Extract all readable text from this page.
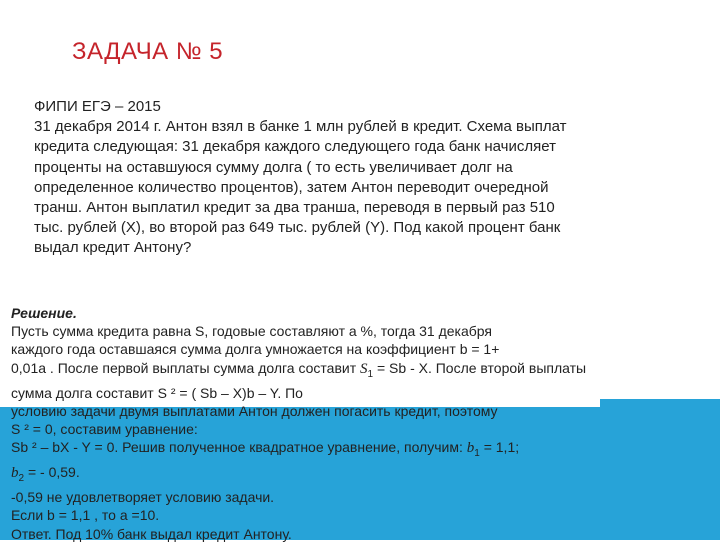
ЗАДАЧА № 5
ФИПИ ЕГЭ – 2015
31 декабря 2014 г. Антон взял в банке 1 млн рублей в кредит. Схема выплат
кредита следующая: 31 декабря каждого следующего года банк начисляет
проценты на оставшуюся сумму долга ( то есть увеличивает долг на
определенное количество процентов), затем Антон переводит очередной
транш. Антон выплатил кредит за два транша, переводя в первый раз 510
тыс. рублей (X), во второй раз 649 тыс. рублей (Y). Под какой процент банк
выдал кредит Антону?
Решение.
Пусть сумма кредита равна S, годовые составляют а %, тогда 31 декабря
каждого года оставшаяся сумма долга умножается на коэффициент b = 1+
0,01а . После первой выплаты сумма долга составит $S_1 = Sb - X$. После второй выплаты
сумма долга составит S ² = ( Sb – X)b – Y. По
условию задачи двумя выплатами Антон должен погасить кредит, поэтому
S ² = 0, составим уравнение:
Sb ² – bX - Y = 0. Решив полученное квадратное уравнение, получим: $b_1 = 1,1$;
$b_2$ = - 0,59.
-0,59 не удовлетворяет условию задачи.
Если b = 1,1 , то а =10.
Ответ. Под 10% банк выдал кредит Антону.
